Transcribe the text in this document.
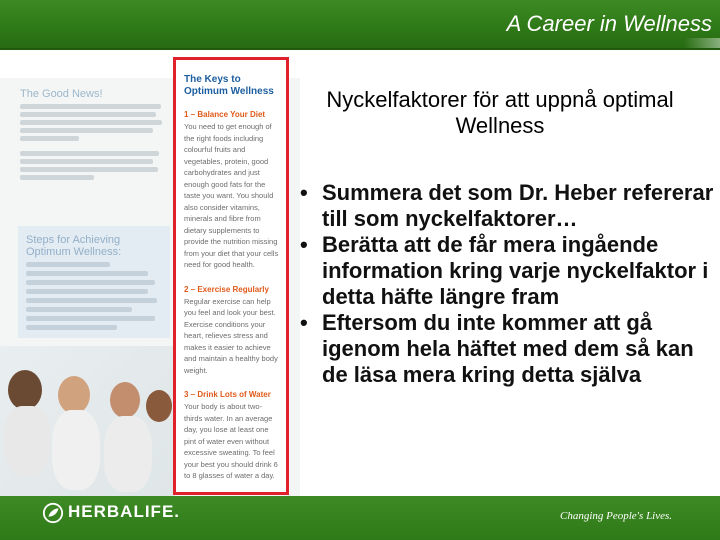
A Career in Wellness
The Good News!
Steps for Achieving Optimum Wellness:
The Keys to Optimum Wellness
1 – Balance Your Diet
You need to get enough of the right foods including colourful fruits and vegetables, protein, good carbohydrates and just enough good fats for the taste you want. You should also consider vitamins, minerals and fibre from dietary supplements to provide the nutrition missing from your diet that your cells need for good health.
2 – Exercise Regularly
Regular exercise can help you feel and look your best. Exercise conditions your heart, relieves stress and makes it easier to achieve and maintain a healthy body weight.
3 – Drink Lots of Water
Your body is about two-thirds water. In an average day, you lose at least one pint of water even without excessive sweating. To feel your best you should drink 6 to 8 glasses of water a day.
Nyckelfaktorer för att uppnå optimal Wellness
• Summera det som Dr. Heber refererar till som nyckelfaktorer…
• Berätta att de får mera ingående information kring varje nyckelfaktor i detta häfte längre fram
• Eftersom du inte kommer att gå igenom hela häftet med dem så kan de läsa mera kring detta själva
HERBALIFE.	Changing People's Lives.
